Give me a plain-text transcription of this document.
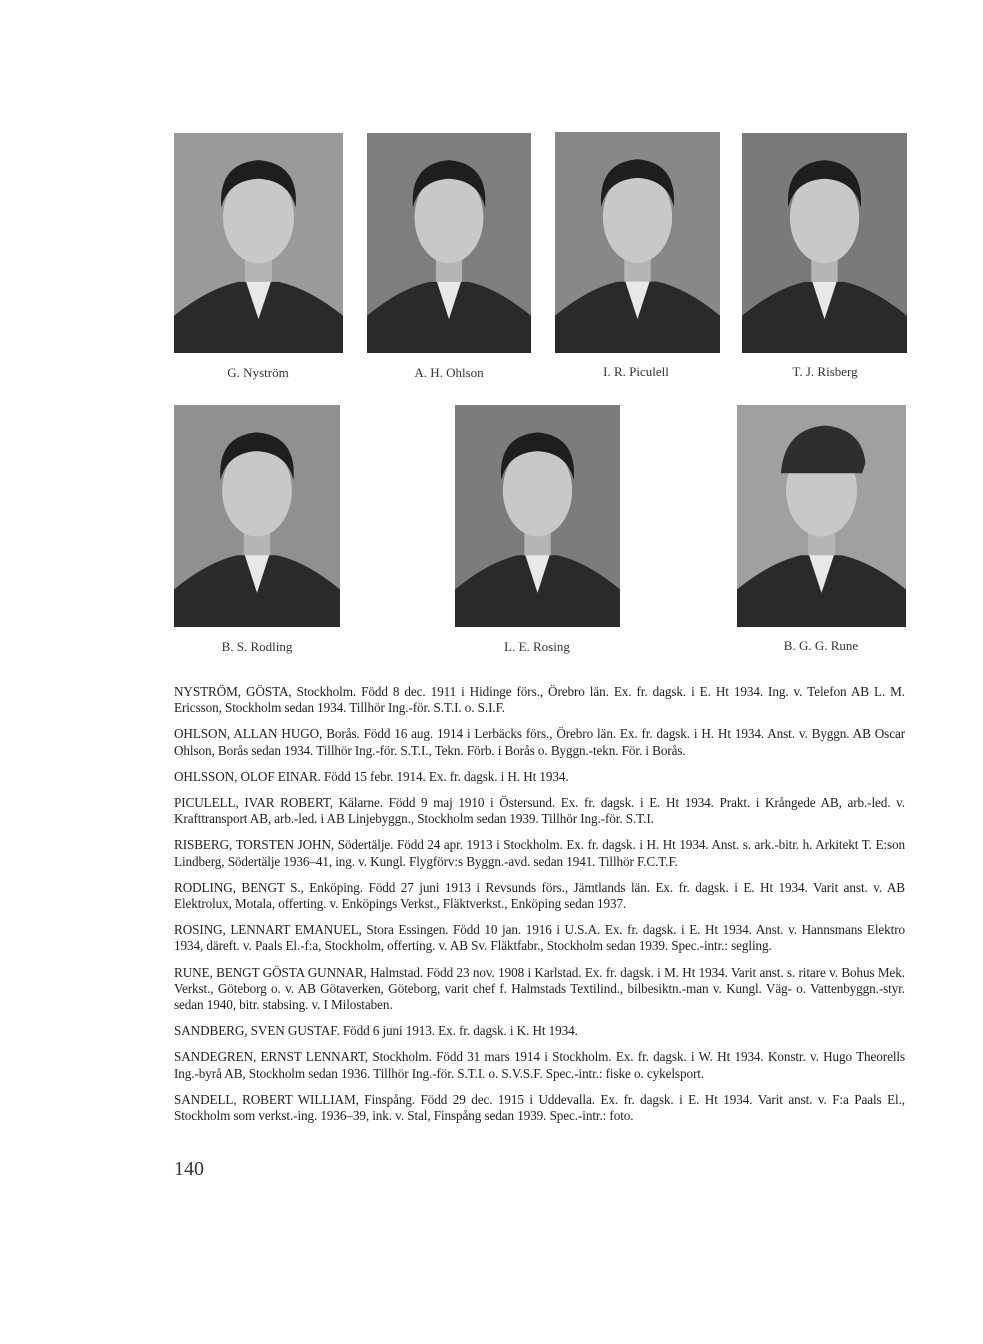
G. Nyström	A. H. Ohlson	I. R. Piculell	T. J. Risberg
B. S. Rodling	L. E. Rosing	B. G. G. Rune

NYSTRÖM, GÖSTA, Stockholm. Född 8 dec. 1911 i Hidinge förs., Örebro län. Ex. fr. dagsk. i E. Ht 1934. Ing. v. Telefon AB L. M. Ericsson, Stockholm sedan 1934. Tillhör Ing.-för. S.T.I. o. S.I.F.

OHLSON, ALLAN HUGO, Borås. Född 16 aug. 1914 i Lerbäcks förs., Örebro län. Ex. fr. dagsk. i H. Ht 1934. Anst. v. Byggn. AB Oscar Ohlson, Borås sedan 1934. Tillhör Ing.-för. S.T.I., Tekn. Förb. i Borås o. Byggn.-tekn. För. i Borås.

OHLSSON, OLOF EINAR. Född 15 febr. 1914. Ex. fr. dagsk. i H. Ht 1934.

PICULELL, IVAR ROBERT, Kälarne. Född 9 maj 1910 i Östersund. Ex. fr. dagsk. i E. Ht 1934. Prakt. i Krångede AB, arb.-led. v. Krafttransport AB, arb.-led. i AB Linjebyggn., Stockholm sedan 1939. Tillhör Ing.-för. S.T.I.

RISBERG, TORSTEN JOHN, Södertälje. Född 24 apr. 1913 i Stockholm. Ex. fr. dagsk. i H. Ht 1934. Anst. s. ark.-bitr. h. Arkitekt T. E:son Lindberg, Södertälje 1936–41, ing. v. Kungl. Flygförv:s Byggn.-avd. sedan 1941. Tillhör F.C.T.F.

RODLING, BENGT S., Enköping. Född 27 juni 1913 i Revsunds förs., Jämtlands län. Ex. fr. dagsk. i E. Ht 1934. Varit anst. v. AB Elektrolux, Motala, offerting. v. Enköpings Verkst., Fläktverkst., Enköping sedan 1937.

ROSING, LENNART EMANUEL, Stora Essingen. Född 10 jan. 1916 i U.S.A. Ex. fr. dagsk. i E. Ht 1934. Anst. v. Hannsmans Elektro 1934, däreft. v. Paals El.-f:a, Stockholm, offerting. v. AB Sv. Fläktfabr., Stockholm sedan 1939. Spec.-intr.: segling.

RUNE, BENGT GÖSTA GUNNAR, Halmstad. Född 23 nov. 1908 i Karlstad. Ex. fr. dagsk. i M. Ht 1934. Varit anst. s. ritare v. Bohus Mek. Verkst., Göteborg o. v. AB Götaverken, Göteborg, varit chef f. Halmstads Textilind., bilbesiktn.-man v. Kungl. Väg- o. Vattenbyggn.-styr. sedan 1940, bitr. stabsing. v. I Milostaben.

SANDBERG, SVEN GUSTAF. Född 6 juni 1913. Ex. fr. dagsk. i K. Ht 1934.

SANDEGREN, ERNST LENNART, Stockholm. Född 31 mars 1914 i Stockholm. Ex. fr. dagsk. i W. Ht 1934. Konstr. v. Hugo Theorells Ing.-byrå AB, Stockholm sedan 1936. Tillhör Ing.-för. S.T.I. o. S.V.S.F. Spec.-intr.: fiske o. cykelsport.

SANDELL, ROBERT WILLIAM, Finspång. Född 29 dec. 1915 i Uddevalla. Ex. fr. dagsk. i E. Ht 1934. Varit anst. v. F:a Paals El., Stockholm som verkst.-ing. 1936–39, ink. v. Stal, Finspång sedan 1939. Spec.-intr.: foto.

140
